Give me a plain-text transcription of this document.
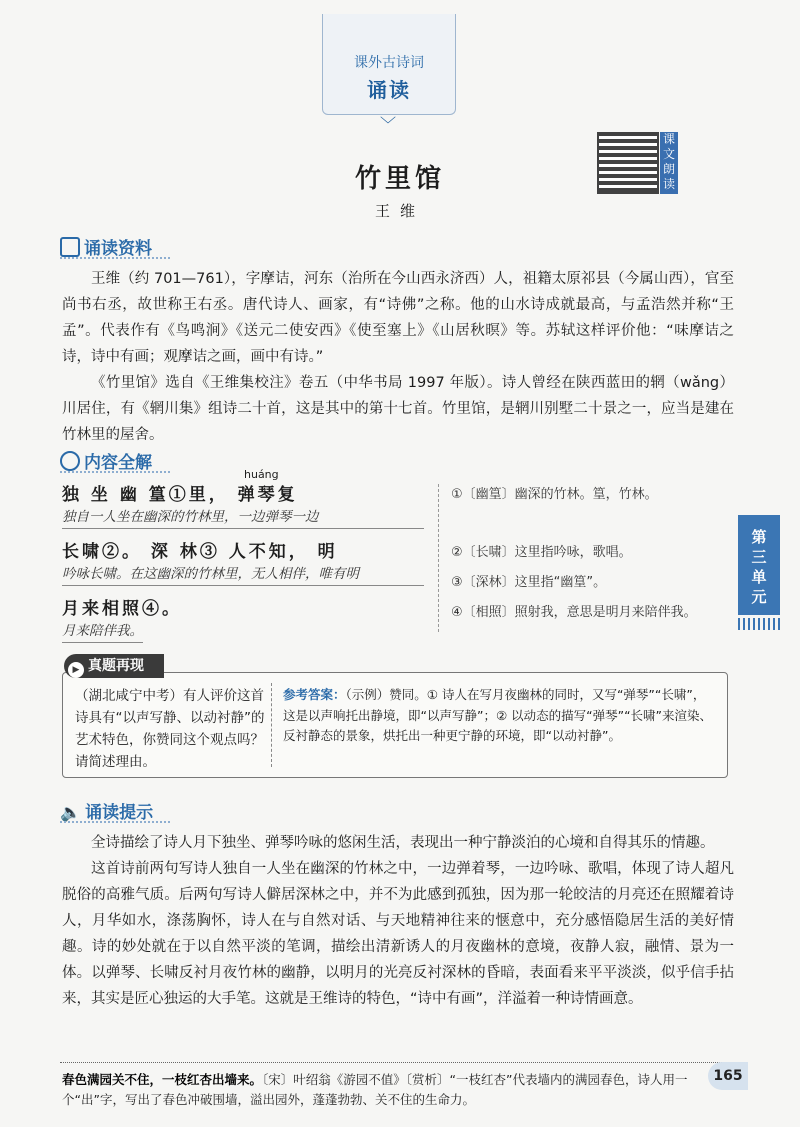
课外古诗词
诵读
﹀
课文朗读
竹里馆
王维
诵读资料

王维（约 701—761），字摩诘，河东（治所在今山西永济西）人，祖籍太原祁县（今属山西），官至尚书右丞，故世称王右丞。唐代诗人、画家，有“诗佛”之称。他的山水诗成就最高，与孟浩然并称“王孟”。代表作有《鸟鸣涧》《送元二使安西》《使至塞上》《山居秋暝》等。苏轼这样评价他：“味摩诘之诗，诗中有画；观摩诘之画，画中有诗。”

《竹里馆》选自《王维集校注》卷五（中华书局 1997 年版）。诗人曾经在陕西蓝田的辋（wǎng）川居住，有《辋川集》组诗二十首，这是其中的第十七首。竹里馆，是辋川别墅二十景之一，应当是建在竹林里的屋舍。

内容全解
huáng
独 坐 幽 篁①里， 弹琴复
独自一人坐在幽深的竹林里，一边弹琴一边
长啸②。 深 林③ 人不知， 明
吟咏长啸。在这幽深的竹林里，无人相伴，唯有明
月来相照④。
月来陪伴我。
①〔幽篁〕幽深的竹林。篁，竹林。
②〔长啸〕这里指吟咏，歌唱。
③〔深林〕这里指“幽篁”。
④〔相照〕照射我，意思是明月来陪伴我。
第
三
单
元
（湖北咸宁中考）有人评价这首诗具有“以声写静、以动衬静”的艺术特色，你赞同这个观点吗？请简述理由。
参考答案：（示例）赞同。① 诗人在写月夜幽林的同时，又写“弹琴”“长啸”，这是以声响托出静境，即“以声写静”；② 以动态的描写“弹琴”“长啸”来渲染、反衬静态的景象，烘托出一种更宁静的环境，即“以动衬静”。
▶ 真题再现
🔈 诵读提示

全诗描绘了诗人月下独坐、弹琴吟咏的悠闲生活，表现出一种宁静淡泊的心境和自得其乐的情趣。

这首诗前两句写诗人独自一人坐在幽深的竹林之中，一边弹着琴，一边吟咏、歌唱，体现了诗人超凡脱俗的高雅气质。后两句写诗人僻居深林之中，并不为此感到孤独，因为那一轮皎洁的月亮还在照耀着诗人，月华如水，涤荡胸怀，诗人在与自然对话、与天地精神往来的惬意中，充分感悟隐居生活的美好情趣。诗的妙处就在于以自然平淡的笔调，描绘出清新诱人的月夜幽林的意境，夜静人寂，融情、景为一体。以弹琴、长啸反衬月夜竹林的幽静，以明月的光亮反衬深林的昏暗，表面看来平平淡淡，似乎信手拈来，其实是匠心独运的大手笔。这就是王维诗的特色，“诗中有画”，洋溢着一种诗情画意。

春色满园关不住，一枝红杏出墙来。〔宋〕叶绍翁《游园不值》〔赏析〕“一枝红杏”代表墙内的满园春色，诗人用一个“出”字，写出了春色冲破围墙，溢出园外，蓬蓬勃勃、关不住的生命力。
165
